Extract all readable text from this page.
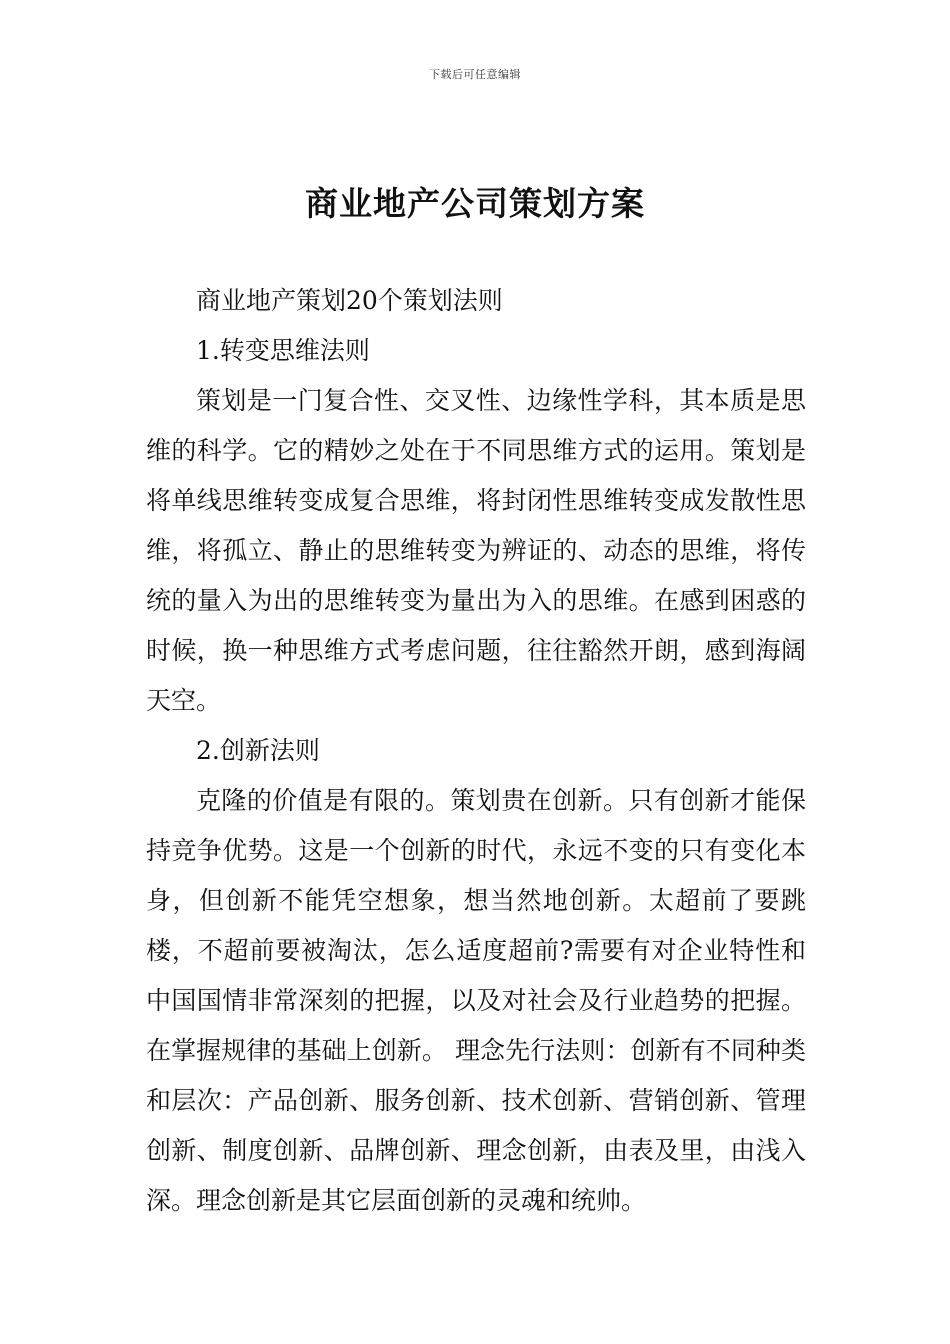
下载后可任意编辑
商业地产公司策划方案

商业地产策划20个策划法则

1.转变思维法则

策划是一门复合性、交叉性、边缘性学科，其本质是思维的科学。它的精妙之处在于不同思维方式的运用。策划是将单线思维转变成复合思维，将封闭性思维转变成发散性思维，将孤立、静止的思维转变为辨证的、动态的思维，将传统的量入为出的思维转变为量出为入的思维。在感到困惑的时候，换一种思维方式考虑问题，往往豁然开朗，感到海阔天空。

2.创新法则

克隆的价值是有限的。策划贵在创新。只有创新才能保持竞争优势。这是一个创新的时代，永远不变的只有变化本身，但创新不能凭空想象，想当然地创新。太超前了要跳楼，不超前要被淘汰，怎么适度超前?需要有对企业特性和中国国情非常深刻的把握，以及对社会及行业趋势的把握。在掌握规律的基础上创新。 理念先行法则：创新有不同种类和层次：产品创新、服务创新、技术创新、营销创新、管理创新、制度创新、品牌创新、理念创新，由表及里，由浅入深。理念创新是其它层面创新的灵魂和统帅。
